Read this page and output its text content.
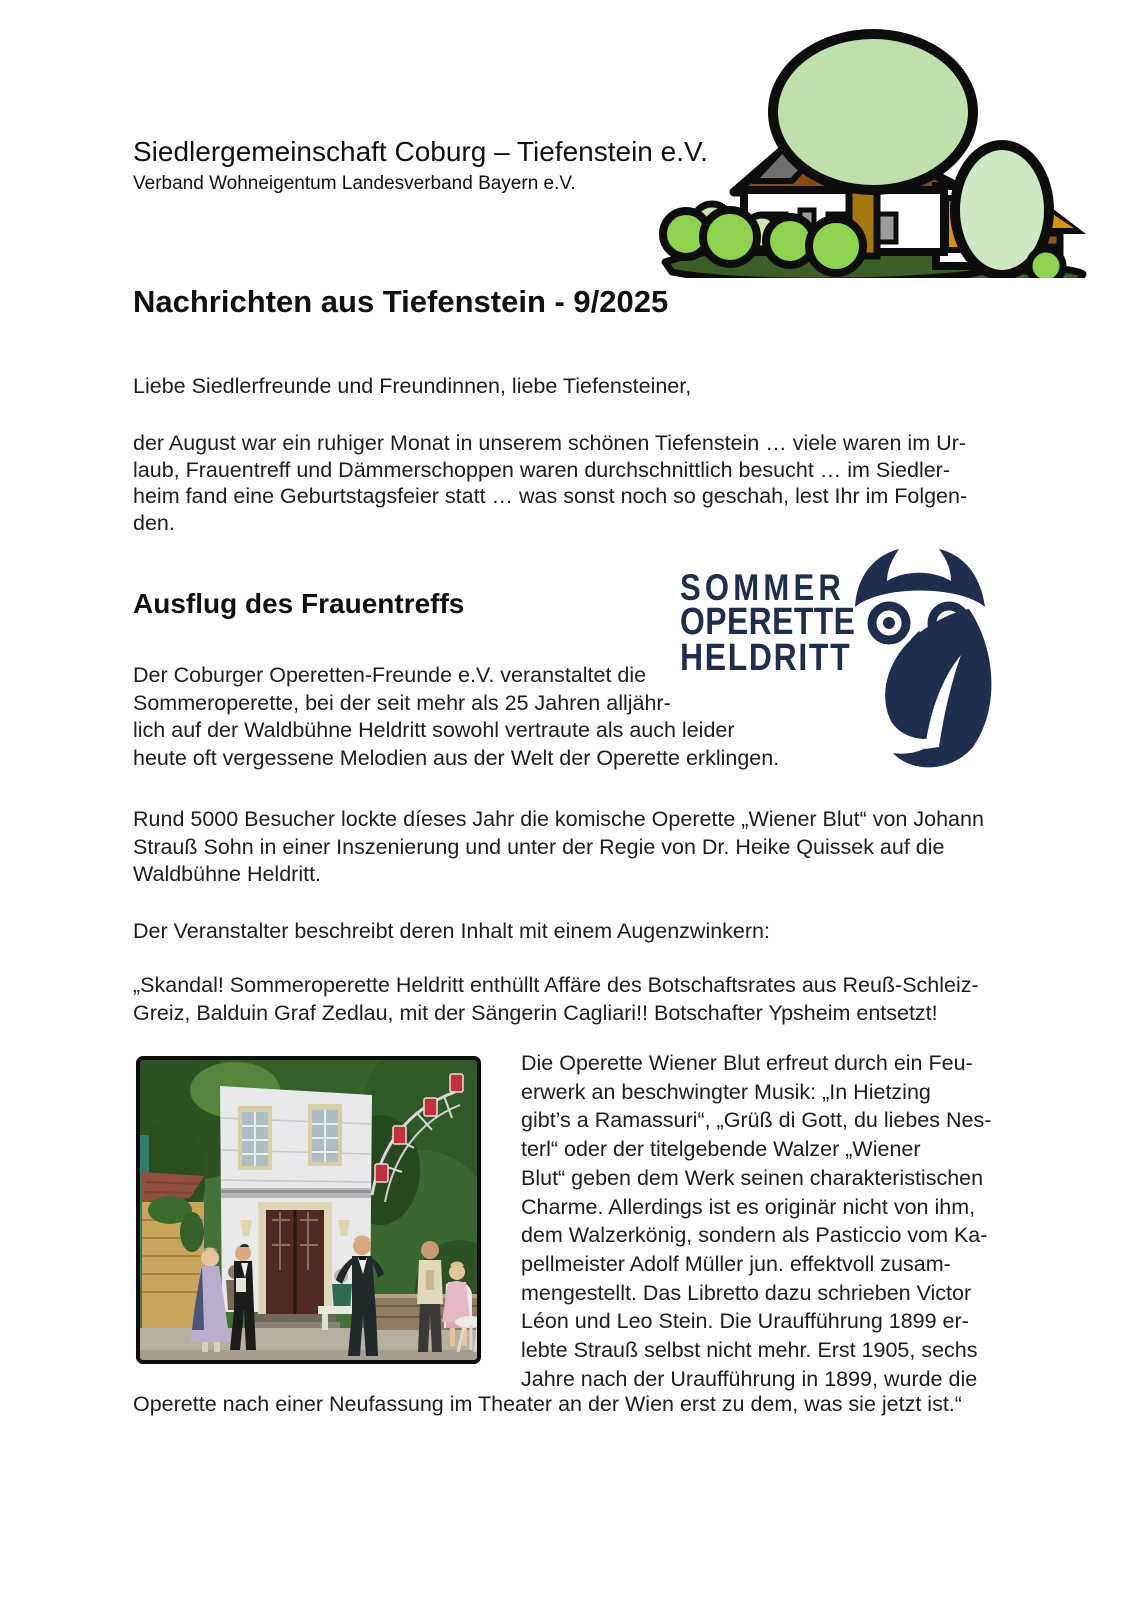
Siedlergemeinschaft Coburg – Tiefenstein e.V.
Verband Wohneigentum Landesverband Bayern e.V.
Nachrichten aus Tiefenstein - 9/2025
Liebe Siedlerfreunde und Freundinnen, liebe Tiefensteiner,
der August war ein ruhiger Monat in unserem schönen Tiefenstein … viele waren im Ur-
laub, Frauentreff und Dämmerschoppen waren durchschnittlich besucht … im Siedler-
heim fand eine Geburtstagsfeier statt … was sonst noch so geschah, lest Ihr im Folgen-
den.
Ausflug des Frauentreffs	SOMMER
OPERETTE
HELDRITT
Der Coburger Operetten-Freunde e.V. veranstaltet die
Sommeroperette, bei der seit mehr als 25 Jahren alljähr-
lich auf der Waldbühne Heldritt sowohl vertraute als auch leider
heute oft vergessene Melodien aus der Welt der Operette erklingen.
Rund 5000 Besucher lockte díeses Jahr die komische Operette „Wiener Blut“ von Johann
Strauß Sohn in einer Inszenierung und unter der Regie von Dr. Heike Quissek auf die
Waldbühne Heldritt.
Der Veranstalter beschreibt deren Inhalt mit einem Augenzwinkern:
„Skandal! Sommeroperette Heldritt enthüllt Affäre des Botschaftsrates aus Reuß-Schleiz-
Greiz, Balduin Graf Zedlau, mit der Sängerin Cagliari!! Botschafter Ypsheim entsetzt!
Die Operette Wiener Blut erfreut durch ein Feu-
erwerk an beschwingter Musik: „In Hietzing
gibt’s a Ramassuri“, „Grüß di Gott, du liebes Nes-
terl“ oder der titelgebende Walzer „Wiener
Blut“ geben dem Werk seinen charakteristischen
Charme. Allerdings ist es originär nicht von ihm,
dem Walzerkönig, sondern als Pasticcio vom Ka-
pellmeister Adolf Müller jun. effektvoll zusam-
mengestellt. Das Libretto dazu schrieben Victor
Léon und Leo Stein. Die Uraufführung 1899 er-
lebte Strauß selbst nicht mehr. Erst 1905, sechs
Jahre nach der Uraufführung in 1899, wurde die
Operette nach einer Neufassung im Theater an der Wien erst zu dem, was sie jetzt ist.“
